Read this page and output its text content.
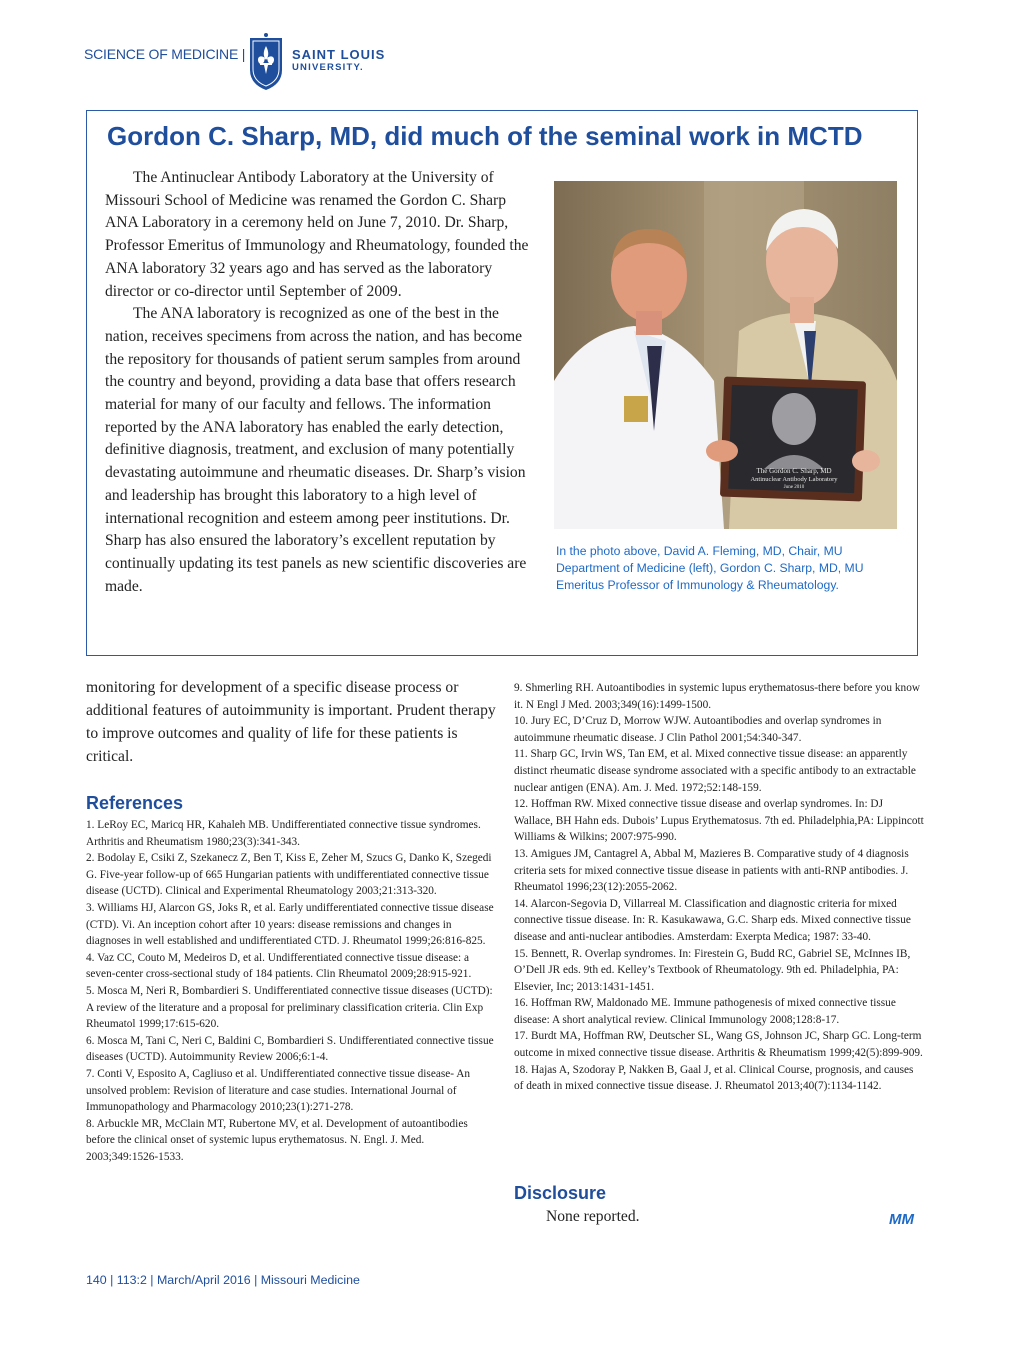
SCIENCE OF MEDICINE |	SAINT LOUIS
UNIVERSITY.
Gordon C. Sharp, MD, did much of the seminal work in MCTD

The Antinuclear Antibody Laboratory at the University of Missouri School of Medicine was renamed the Gordon C. Sharp ANA Laboratory in a ceremony held on June 7, 2010. Dr. Sharp, Professor Emeritus of Immunology and Rheumatology, founded the ANA laboratory 32 years ago and has served as the laboratory director or co-director until September of 2009.

The ANA laboratory is recognized as one of the best in the nation, receives specimens from across the nation, and has become the repository for thousands of patient serum samples from around the country and beyond, providing a data base that offers research material for many of our faculty and fellows. The information reported by the ANA laboratory has enabled the early detection, definitive diagnosis, treatment, and exclusion of many potentially devastating autoimmune and rheumatic diseases. Dr. Sharp’s vision and leadership has brought this laboratory to a high level of international recognition and esteem among peer institutions. Dr. Sharp has also ensured the laboratory’s excellent reputation by continually updating its test panels as new scientific discoveries are made.

The Gordon C. Sharp, MD
Antinuclear Antibody Laboratory
June 2010
In the photo above, David A. Fleming, MD, Chair, MU Department of Medicine (left), Gordon C. Sharp, MD, MU Emeritus Professor of Immunology & Rheumatology.
monitoring for development of a specific disease process or additional features of autoimmunity is important. Prudent therapy to improve outcomes and quality of life for these patients is critical.
References
1. LeRoy EC, Maricq HR, Kahaleh MB. Undifferentiated connective tissue syndromes. Arthritis and Rheumatism 1980;23(3):341-343.
2. Bodolay E, Csiki Z, Szekanecz Z, Ben T, Kiss E, Zeher M, Szucs G, Danko K, Szegedi G. Five-year follow-up of 665 Hungarian patients with undifferentiated connective tissue disease (UCTD). Clinical and Experimental Rheumatology 2003;21:313-320.
3. Williams HJ, Alarcon GS, Joks R, et al. Early undifferentiated connective tissue disease (CTD). Vi. An inception cohort after 10 years: disease remissions and changes in diagnoses in well established and undifferentiated CTD. J. Rheumatol 1999;26:816-825.
4. Vaz CC, Couto M, Medeiros D, et al. Undifferentiated connective tissue disease: a seven-center cross-sectional study of 184 patients. Clin Rheumatol 2009;28:915-921.
5. Mosca M, Neri R, Bombardieri S. Undifferentiated connective tissue diseases (UCTD): A review of the literature and a proposal for preliminary classification criteria. Clin Exp Rheumatol 1999;17:615-620.
6. Mosca M, Tani C, Neri C, Baldini C, Bombardieri S. Undifferentiated connective tissue diseases (UCTD). Autoimmunity Review 2006;6:1-4.
7. Conti V, Esposito A, Cagliuso et al. Undifferentiated connective tissue disease- An unsolved problem: Revision of literature and case studies. International Journal of Immunopathology and Pharmacology 2010;23(1):271-278.
8. Arbuckle MR, McClain MT, Rubertone MV, et al. Development of autoantibodies before the clinical onset of systemic lupus erythematosus. N. Engl. J. Med. 2003;349:1526-1533.
9. Shmerling RH. Autoantibodies in systemic lupus erythematosus-there before you know it. N Engl J Med. 2003;349(16):1499-1500.
10. Jury EC, D’Cruz D, Morrow WJW. Autoantibodies and overlap syndromes in autoimmune rheumatic disease. J Clin Pathol 2001;54:340-347.
11. Sharp GC, Irvin WS, Tan EM, et al. Mixed connective tissue disease: an apparently distinct rheumatic disease syndrome associated with a specific antibody to an extractable nuclear antigen (ENA). Am. J. Med. 1972;52:148-159.
12. Hoffman RW. Mixed connective tissue disease and overlap syndromes. In: DJ Wallace, BH Hahn eds. Dubois’ Lupus Erythematosus. 7th ed. Philadelphia,PA: Lippincott Williams & Wilkins; 2007:975-990.
13. Amigues JM, Cantagrel A, Abbal M, Mazieres B. Comparative study of 4 diagnosis criteria sets for mixed connective tissue disease in patients with anti-RNP antibodies. J. Rheumatol 1996;23(12):2055-2062.
14. Alarcon-Segovia D, Villarreal M. Classification and diagnostic criteria for mixed connective tissue disease. In: R. Kasukawawa, G.C. Sharp eds. Mixed connective tissue disease and anti-nuclear antibodies. Amsterdam: Exerpta Medica; 1987: 33-40.
15. Bennett, R. Overlap syndromes. In: Firestein G, Budd RC, Gabriel SE, McInnes IB, O’Dell JR eds. 9th ed. Kelley’s Textbook of Rheumatology. 9th ed. Philadelphia, PA: Elsevier, Inc; 2013:1431-1451.
16. Hoffman RW, Maldonado ME. Immune pathogenesis of mixed connective tissue disease: A short analytical review. Clinical Immunology 2008;128:8-17.
17. Burdt MA, Hoffman RW, Deutscher SL, Wang GS, Johnson JC, Sharp GC. Long-term outcome in mixed connective tissue disease. Arthritis & Rheumatism 1999;42(5):899-909.
18. Hajas A, Szodoray P, Nakken B, Gaal J, et al. Clinical Course, prognosis, and causes of death in mixed connective tissue disease. J. Rheumatol 2013;40(7):1134-1142.
Disclosure
None reported.	MM
140 | 113:2 | March/April 2016 | Missouri Medicine
